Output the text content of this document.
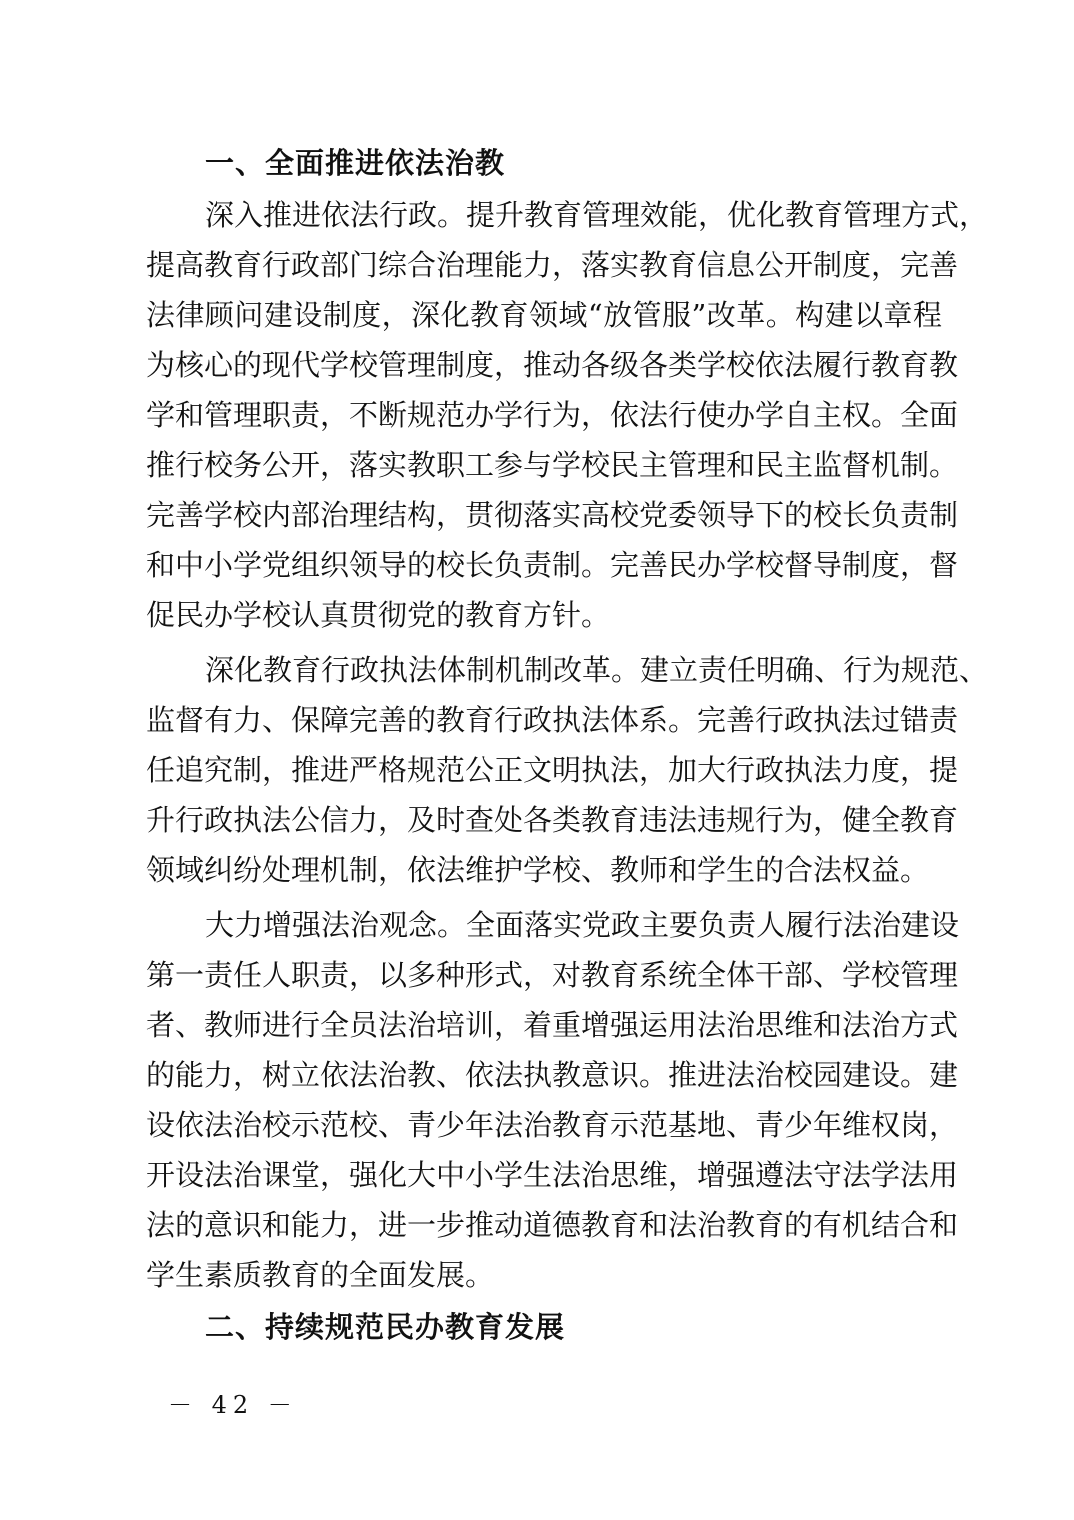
一、全面推进依法治教
深入推进依法行政。提升教育管理效能，优化教育管理方式，
提高教育行政部门综合治理能力，落实教育信息公开制度，完善
法律顾问建设制度，深化教育领域“放管服”改革。构建以章程
为核心的现代学校管理制度，推动各级各类学校依法履行教育教
学和管理职责，不断规范办学行为，依法行使办学自主权。全面
推行校务公开，落实教职工参与学校民主管理和民主监督机制。
完善学校内部治理结构，贯彻落实高校党委领导下的校长负责制
和中小学党组织领导的校长负责制。完善民办学校督导制度，督
促民办学校认真贯彻党的教育方针。
深化教育行政执法体制机制改革。建立责任明确、行为规范、
监督有力、保障完善的教育行政执法体系。完善行政执法过错责
任追究制，推进严格规范公正文明执法，加大行政执法力度，提
升行政执法公信力，及时查处各类教育违法违规行为，健全教育
领域纠纷处理机制，依法维护学校、教师和学生的合法权益。
大力增强法治观念。全面落实党政主要负责人履行法治建设
第一责任人职责，以多种形式，对教育系统全体干部、学校管理
者、教师进行全员法治培训，着重增强运用法治思维和法治方式
的能力，树立依法治教、依法执教意识。推进法治校园建设。建
设依法治校示范校、青少年法治教育示范基地、青少年维权岗，
开设法治课堂，强化大中小学生法治思维，增强遵法守法学法用
法的意识和能力，进一步推动道德教育和法治教育的有机结合和
学生素质教育的全面发展。
二、持续规范民办教育发展
－ 42 －
